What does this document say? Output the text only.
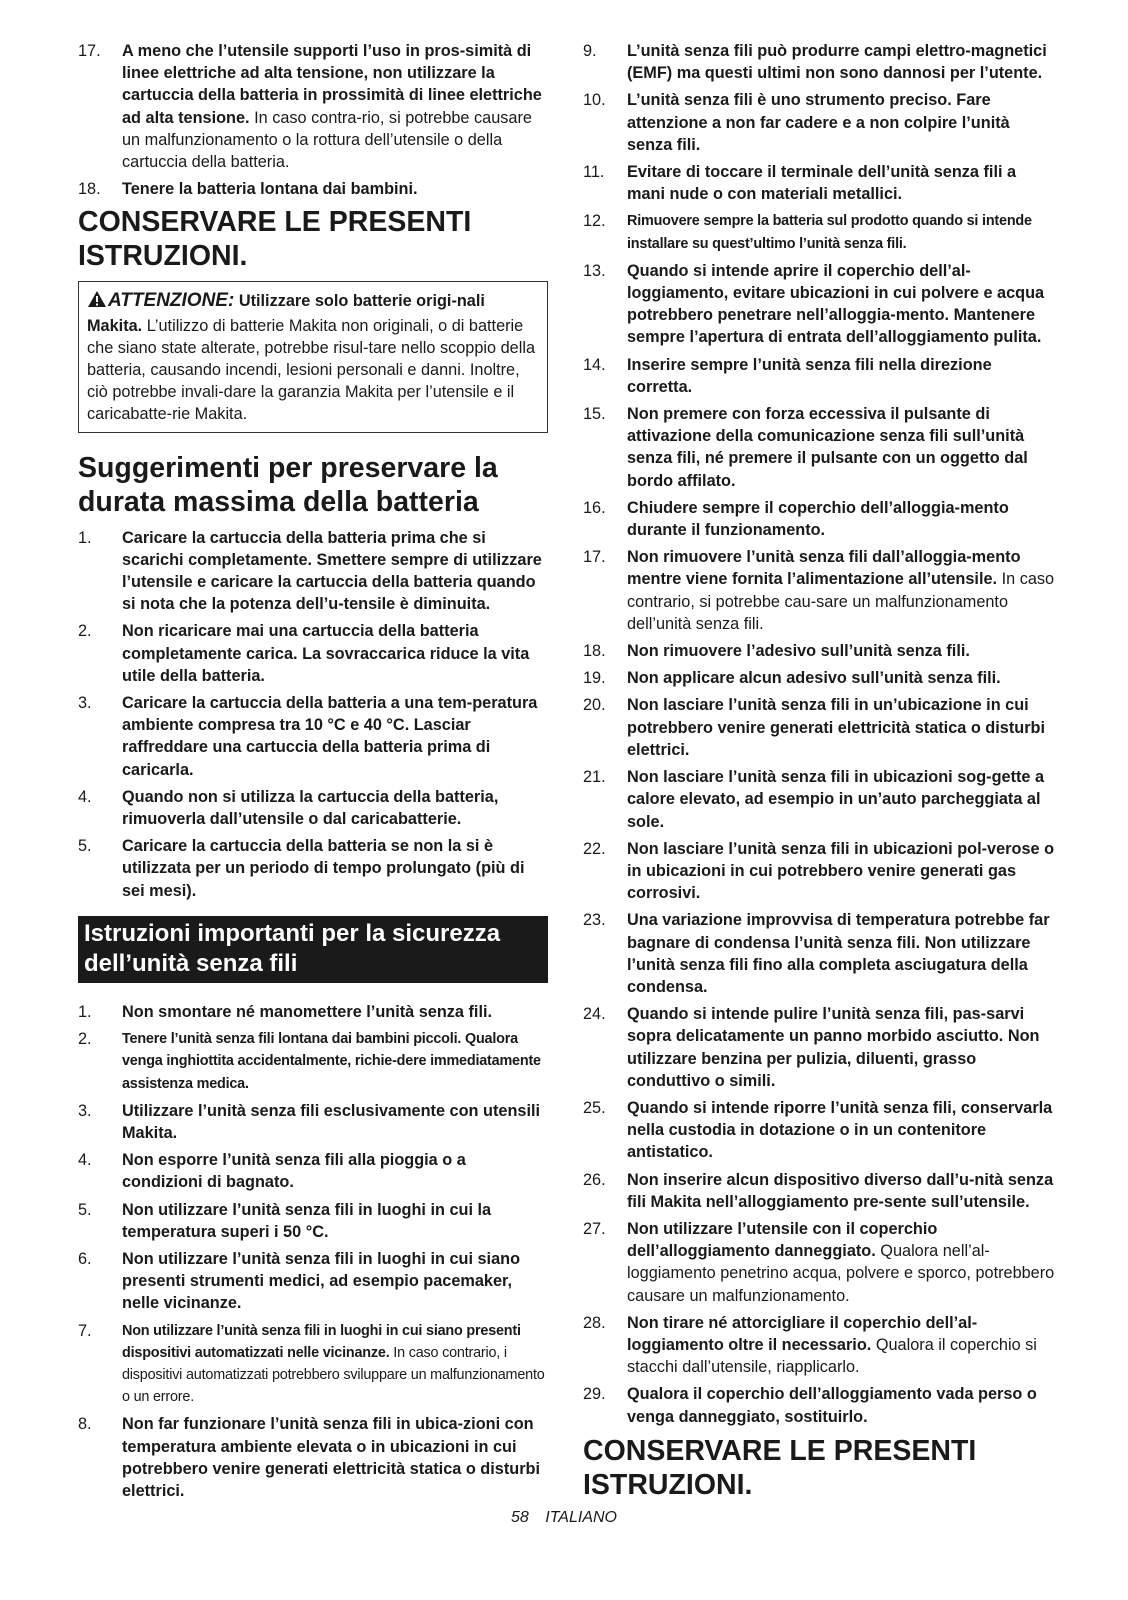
17.	A meno che l’utensile supporti l’uso in pros-simità di linee elettriche ad alta tensione, non utilizzare la cartuccia della batteria in prossimità di linee elettriche ad alta tensione. In caso contra-rio, si potrebbe causare un malfunzionamento o la rottura dell’utensile o della cartuccia della batteria.
18.	Tenere la batteria lontana dai bambini.
CONSERVARE LE PRESENTI ISTRUZIONI.
ATTENZIONE: Utilizzare solo batterie origi-nali Makita. L’utilizzo di batterie Makita non originali, o di batterie che siano state alterate, potrebbe risul-tare nello scoppio della batteria, causando incendi, lesioni personali e danni. Inoltre, ciò potrebbe invali-dare la garanzia Makita per l’utensile e il caricabatte-rie Makita.
Suggerimenti per preservare la durata massima della batteria
1.	Caricare la cartuccia della batteria prima che si scarichi completamente. Smettere sempre di utilizzare l’utensile e caricare la cartuccia della batteria quando si nota che la potenza dell’u-tensile è diminuita.
2.	Non ricaricare mai una cartuccia della batteria completamente carica. La sovraccarica riduce la vita utile della batteria.
3.	Caricare la cartuccia della batteria a una tem-peratura ambiente compresa tra 10 °C e 40 °C. Lasciar raffreddare una cartuccia della batteria prima di caricarla.
4.	Quando non si utilizza la cartuccia della batteria, rimuoverla dall’utensile o dal caricabatterie.
5.	Caricare la cartuccia della batteria se non la si è utilizzata per un periodo di tempo prolungato (più di sei mesi).
Istruzioni importanti per la sicurezza dell’unità senza fili
1.	Non smontare né manomettere l’unità senza fili.
2.	Tenere l’unità senza fili lontana dai bambini piccoli. Qualora venga inghiottita accidentalmente, richie-dere immediatamente assistenza medica.
3.	Utilizzare l’unità senza fili esclusivamente con utensili Makita.
4.	Non esporre l’unità senza fili alla pioggia o a condizioni di bagnato.
5.	Non utilizzare l’unità senza fili in luoghi in cui la temperatura superi i 50 °C.
6.	Non utilizzare l’unità senza fili in luoghi in cui siano presenti strumenti medici, ad esempio pacemaker, nelle vicinanze.
7.	Non utilizzare l’unità senza fili in luoghi in cui siano presenti dispositivi automatizzati nelle vicinanze. In caso contrario, i dispositivi automatizzati potrebbero sviluppare un malfunzionamento o un errore.
8.	Non far funzionare l’unità senza fili in ubica-zioni con temperatura ambiente elevata o in ubicazioni in cui potrebbero venire generati elettricità statica o disturbi elettrici.
9.	L’unità senza fili può produrre campi elettro-magnetici (EMF) ma questi ultimi non sono dannosi per l’utente.
10.	L’unità senza fili è uno strumento preciso. Fare attenzione a non far cadere e a non colpire l’unità senza fili.
11.	Evitare di toccare il terminale dell’unità senza fili a mani nude o con materiali metallici.
12.	Rimuovere sempre la batteria sul prodotto quando si intende installare su quest’ultimo l’unità senza fili.
13.	Quando si intende aprire il coperchio dell’al-loggiamento, evitare ubicazioni in cui polvere e acqua potrebbero penetrare nell’alloggia-mento. Mantenere sempre l’apertura di entrata dell’alloggiamento pulita.
14.	Inserire sempre l’unità senza fili nella direzione corretta.
15.	Non premere con forza eccessiva il pulsante di attivazione della comunicazione senza fili sull’unità senza fili, né premere il pulsante con un oggetto dal bordo affilato.
16.	Chiudere sempre il coperchio dell’alloggia-mento durante il funzionamento.
17.	Non rimuovere l’unità senza fili dall’alloggia-mento mentre viene fornita l’alimentazione all’utensile. In caso contrario, si potrebbe cau-sare un malfunzionamento dell’unità senza fili.
18.	Non rimuovere l’adesivo sull’unità senza fili.
19.	Non applicare alcun adesivo sull’unità senza fili.
20.	Non lasciare l’unità senza fili in un’ubicazione in cui potrebbero venire generati elettricità statica o disturbi elettrici.
21.	Non lasciare l’unità senza fili in ubicazioni sog-gette a calore elevato, ad esempio in un’auto parcheggiata al sole.
22.	Non lasciare l’unità senza fili in ubicazioni pol-verose o in ubicazioni in cui potrebbero venire generati gas corrosivi.
23.	Una variazione improvvisa di temperatura potrebbe far bagnare di condensa l’unità senza fili. Non utilizzare l’unità senza fili fino alla completa asciugatura della condensa.
24.	Quando si intende pulire l’unità senza fili, pas-sarvi sopra delicatamente un panno morbido asciutto. Non utilizzare benzina per pulizia, diluenti, grasso conduttivo o simili.
25.	Quando si intende riporre l’unità senza fili, conservarla nella custodia in dotazione o in un contenitore antistatico.
26.	Non inserire alcun dispositivo diverso dall’u-nità senza fili Makita nell’alloggiamento pre-sente sull’utensile.
27.	Non utilizzare l’utensile con il coperchio dell’alloggiamento danneggiato. Qualora nell’al-loggiamento penetrino acqua, polvere e sporco, potrebbero causare un malfunzionamento.
28.	Non tirare né attorcigliare il coperchio dell’al-loggiamento oltre il necessario. Qualora il coperchio si stacchi dall’utensile, riapplicarlo.
29.	Qualora il coperchio dell’alloggiamento vada perso o venga danneggiato, sostituirlo.
CONSERVARE LE PRESENTI ISTRUZIONI.
58 ITALIANO
